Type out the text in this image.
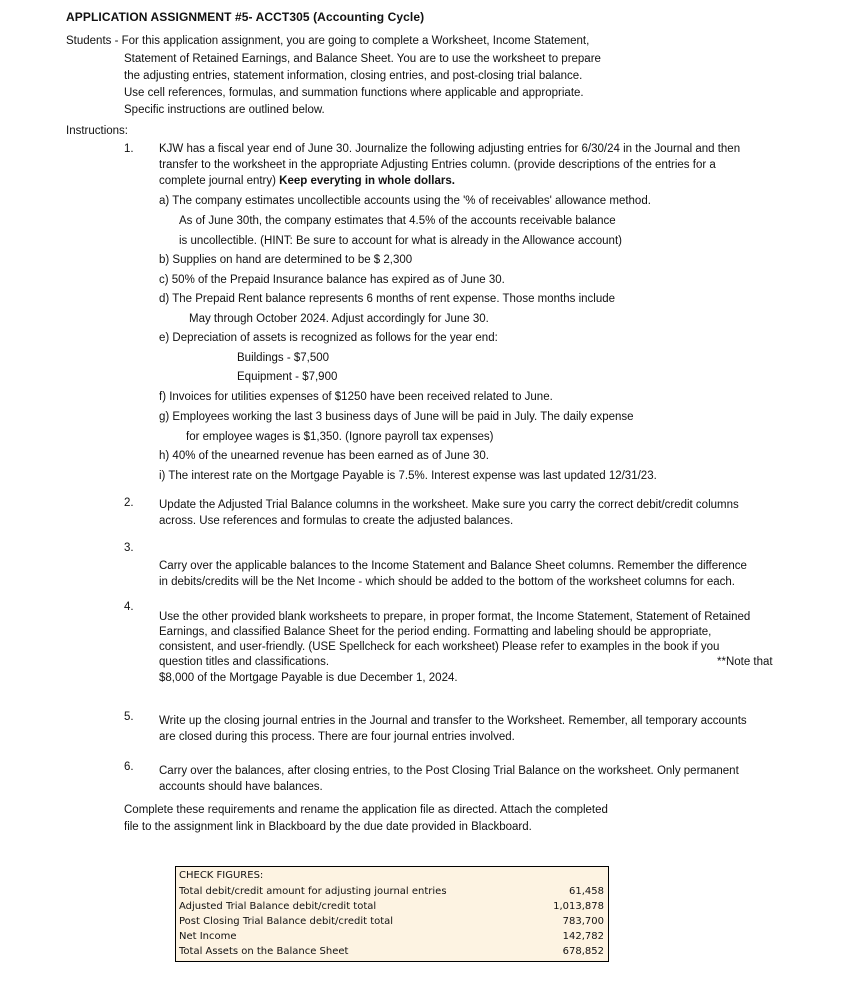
APPLICATION ASSIGNMENT #5- ACCT305 (Accounting Cycle)
Students - For this application assignment, you are going to complete a Worksheet, Income Statement,
Statement of Retained Earnings, and Balance Sheet. You are to use the worksheet to prepare
the adjusting entries, statement information, closing entries, and post-closing trial balance.
Use cell references, formulas, and summation functions where applicable and appropriate.
Specific instructions are outlined below.
Instructions:
1.	KJW has a fiscal year end of June 30. Journalize the following adjusting entries for 6/30/24 in the Journal and then
transfer to the worksheet in the appropriate Adjusting Entries column. (provide descriptions of the entries for a
complete journal entry) Keep everyting in whole dollars.
a) The company estimates uncollectible accounts using the '% of receivables' allowance method.
As of June 30th, the company estimates that 4.5% of the accounts receivable balance
is uncollectible. (HINT: Be sure to account for what is already in the Allowance account)
b) Supplies on hand are determined to be $ 2,300
c) 50% of the Prepaid Insurance balance has expired as of June 30.
d) The Prepaid Rent balance represents 6 months of rent expense. Those months include
May through October 2024. Adjust accordingly for June 30.
e) Depreciation of assets is recognized as follows for the year end:
Buildings - $7,500
Equipment - $7,900
f) Invoices for utilities expenses of $1250 have been received related to June.
g) Employees working the last 3 business days of June will be paid in July. The daily expense
for employee wages is $1,350. (Ignore payroll tax expenses)
h) 40% of the unearned revenue has been earned as of June 30.
i) The interest rate on the Mortgage Payable is 7.5%. Interest expense was last updated 12/31/23.
2.	Update the Adjusted Trial Balance columns in the worksheet. Make sure you carry the correct debit/credit columns
across. Use references and formulas to create the adjusted balances.
3.
Carry over the applicable balances to the Income Statement and Balance Sheet columns. Remember the difference
in debits/credits will be the Net Income - which should be added to the bottom of the worksheet columns for each.
4.
Use the other provided blank worksheets to prepare, in proper format, the Income Statement, Statement of Retained
Earnings, and classified Balance Sheet for the period ending. Formatting and labeling should be appropriate,
consistent, and user-friendly. (USE Spellcheck for each worksheet) Please refer to examples in the book if you
question titles and classifications.	**Note that
$8,000 of the Mortgage Payable is due December 1, 2024.
5.	Write up the closing journal entries in the Journal and transfer to the Worksheet. Remember, all temporary accounts
are closed during this process. There are four journal entries involved.
6.	Carry over the balances, after closing entries, to the Post Closing Trial Balance on the worksheet. Only permanent
accounts should have balances.
Complete these requirements and rename the application file as directed. Attach the completed
file to the assignment link in Blackboard by the due date provided in Blackboard.
CHECK FIGURES:
Total debit/credit amount for adjusting journal entries	61,458
Adjusted Trial Balance debit/credit total	1,013,878
Post Closing Trial Balance debit/credit total	783,700
Net Income	142,782
Total Assets on the Balance Sheet	678,852
